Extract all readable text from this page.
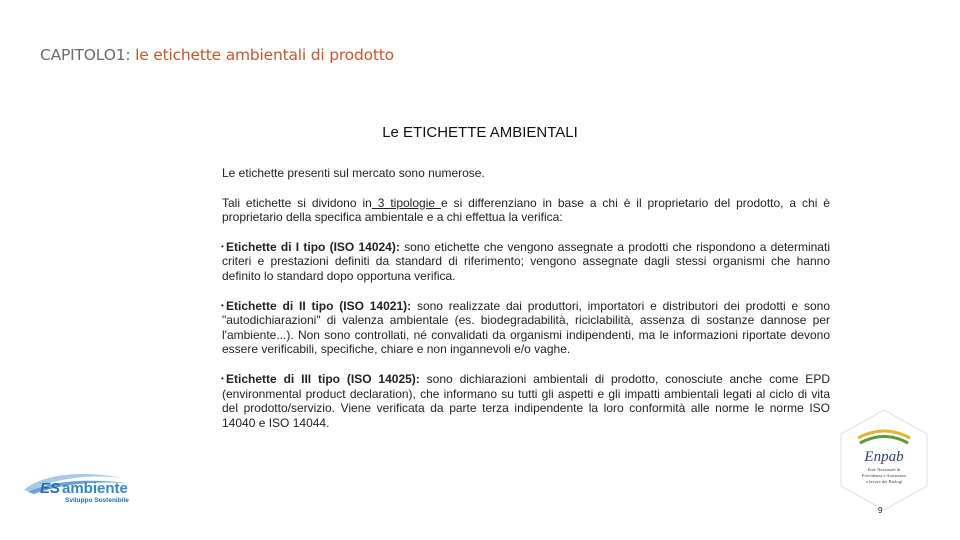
CAPITOLO1: le etichette ambientali di prodotto
Le ETICHETTE AMBIENTALI

Le etichette presenti sul mercato sono numerose.

Tali etichette si dividono in 3 tipologie e si differenziano in base a chi è il proprietario del prodotto, a chi è proprietario della specifica ambientale e a chi effettua la verifica:

• Etichette di I tipo (ISO 14024): sono etichette che vengono assegnate a prodotti che rispondono a determinati criteri e prestazioni definiti da standard di riferimento; vengono assegnate dagli stessi organismi che hanno definito lo standard dopo opportuna verifica.

• Etichette di II tipo (ISO 14021): sono realizzate dai produttori, importatori e distributori dei prodotti e sono "autodichiarazioni" di valenza ambientale (es. biodegradabilità, riciclabilità, assenza di sostanze dannose per l'ambiente...). Non sono controllati, né convalidati da organismi indipendenti, ma le informazioni riportate devono essere verificabili, specifiche, chiare e non ingannevoli e/o vaghe.

• Etichette di III tipo (ISO 14025): sono dichiarazioni ambientali di prodotto, conosciute anche come EPD (environmental product declaration), che informano su tutti gli aspetti e gli impatti ambientali legati al ciclo di vita del prodotto/servizio. Viene verificata da parte terza indipendente la loro conformità alle norme le norme ISO 14040 e ISO 14044.

ES ambiente
Sviluppo Sostenibile
Enpab
Ente Nazionale di
Previdenza e Assistenza
a favore dei Biologi
9
